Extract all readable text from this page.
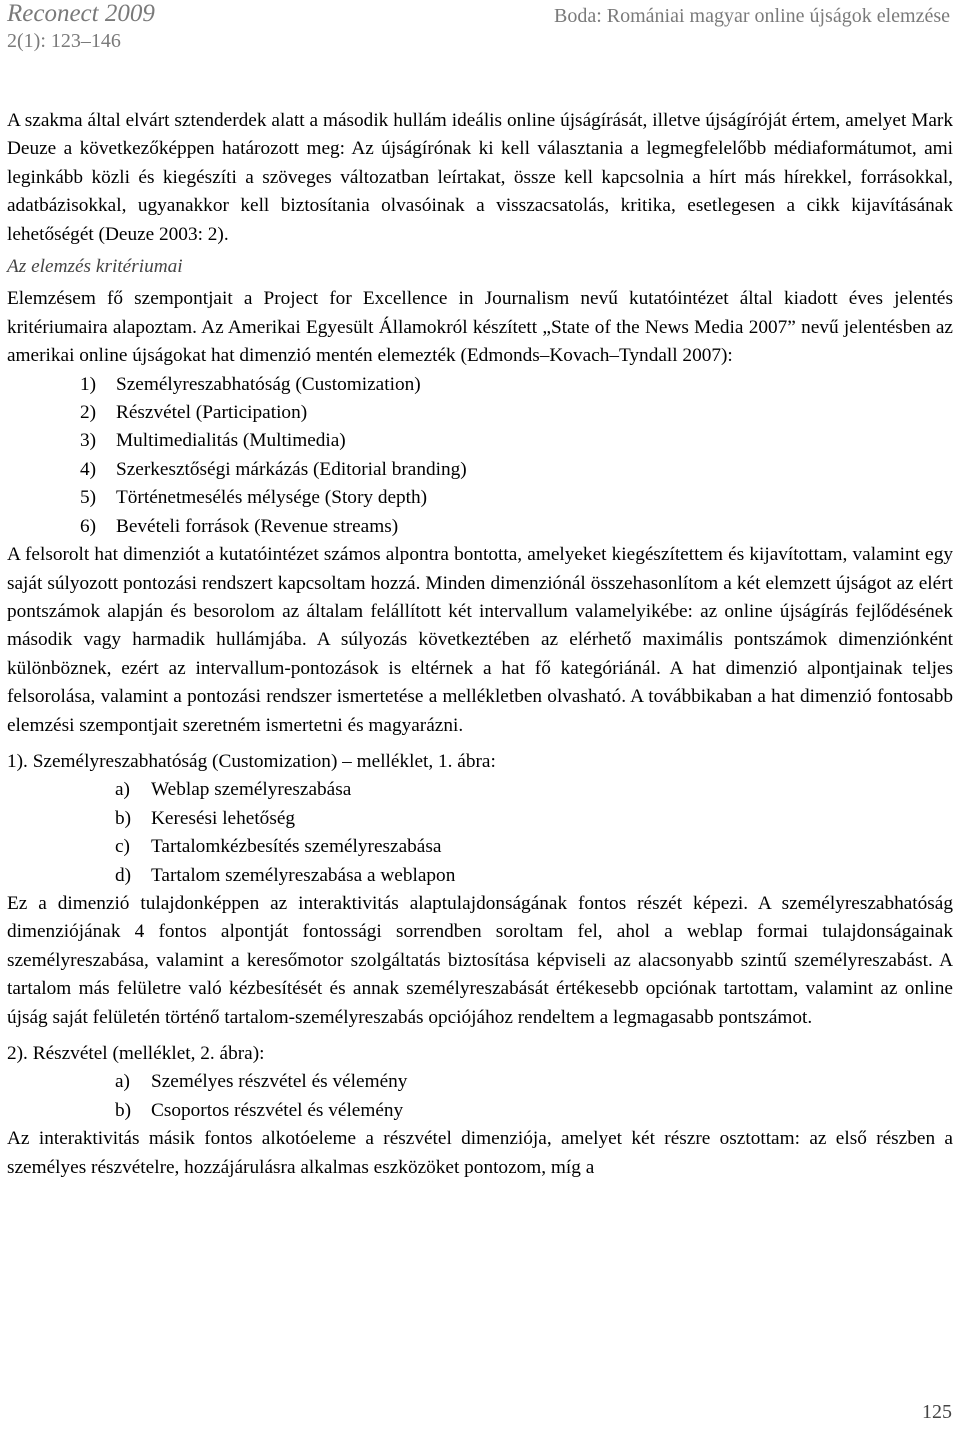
Reconect 2009
2(1): 123–146
Boda: Romániai magyar online újságok elemzése

A szakma által elvárt sztenderdek alatt a második hullám ideális online újságírását, illetve újságíróját értem, amelyet Mark Deuze a következőképpen határozott meg: Az újságírónak ki kell választania a legmegfelelőbb médiaformátumot, ami leginkább közli és kiegészíti a szöveges változatban leírtakat, össze kell kapcsolnia a hírt más hírekkel, forrásokkal, adatbázisokkal, ugyanakkor kell biztosítania olvasóinak a visszacsatolás, kritika, esetlegesen a cikk kijavításának lehetőségét (Deuze 2003: 2).

Az elemzés kritériumai

Elemzésem fő szempontjait a Project for Excellence in Journalism nevű kutatóintézet által kiadott éves jelentés kritériumaira alapoztam. Az Amerikai Egyesült Államokról készített „State of the News Media 2007” nevű jelentésben az amerikai online újságokat hat dimenzió mentén elemezték (Edmonds–Kovach–Tyndall 2007):

1) Személyreszabhatóság (Customization)
2) Részvétel (Participation)
3) Multimedialitás (Multimedia)
4) Szerkesztőségi márkázás (Editorial branding)
5) Történetmesélés mélysége (Story depth)
6) Bevételi források (Revenue streams)

A felsorolt hat dimenziót a kutatóintézet számos alpontra bontotta, amelyeket kiegészítettem és kijavítottam, valamint egy saját súlyozott pontozási rendszert kapcsoltam hozzá. Minden dimenziónál összehasonlítom a két elemzett újságot az elért pontszámok alapján és besorolom az általam felállított két intervallum valamelyikébe: az online újságírás fejlődésének második vagy harmadik hullámjába. A súlyozás következtében az elérhető maximális pontszámok dimenziónként különböznek, ezért az intervallum-pontozások is eltérnek a hat fő kategóriánál. A hat dimenzió alpontjainak teljes felsorolása, valamint a pontozási rendszer ismertetése a mellékletben olvasható. A továbbikaban a hat dimenzió fontosabb elemzési szempontjait szeretném ismertetni és magyarázni.

1). Személyreszabhatóság (Customization) – melléklet, 1. ábra:

a) Weblap személyreszabása
b) Keresési lehetőség
c) Tartalomkézbesítés személyreszabása
d) Tartalom személyreszabása a weblapon

Ez a dimenzió tulajdonképpen az interaktivitás alaptulajdonságának fontos részét képezi. A személyreszabhatóság dimenziójának 4 fontos alpontját fontossági sorrendben soroltam fel, ahol a weblap formai tulajdonságainak személyreszabása, valamint a keresőmotor szolgáltatás biztosítása képviseli az alacsonyabb szintű személyreszabást. A tartalom más felületre való kézbesítését és annak személyreszabását értékesebb opciónak tartottam, valamint az online újság saját felületén történő tartalom-személyreszabás opciójához rendeltem a legmagasabb pontszámot.

2). Részvétel (melléklet, 2. ábra):

a) Személyes részvétel és vélemény
b) Csoportos részvétel és vélemény

Az interaktivitás másik fontos alkotóeleme a részvétel dimenziója, amelyet két részre osztottam: az első részben a személyes részvételre, hozzájárulásra alkalmas eszközöket pontozom, míg a

125
